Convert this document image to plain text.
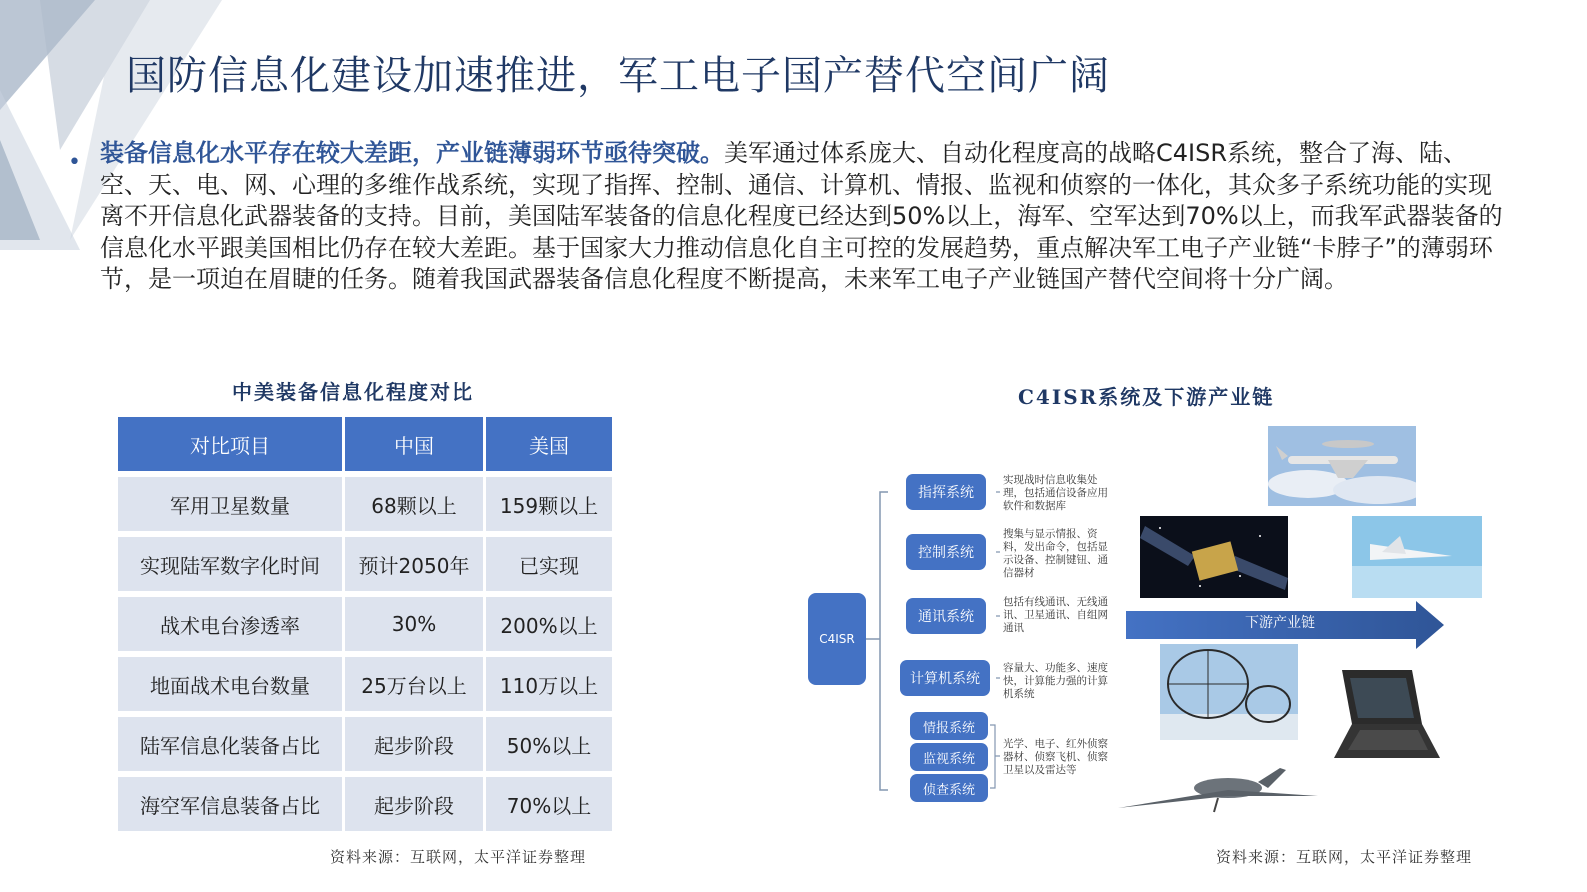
国防信息化建设加速推进，军工电子国产替代空间广阔
• 装备信息化水平存在较大差距，产业链薄弱环节亟待突破。美军通过体系庞大、自动化程度高的战略C4ISR系统，整合了海、陆、空、天、电、网、心理的多维作战系统，实现了指挥、控制、通信、计算机、情报、监视和侦察的一体化，其众多子系统功能的实现离不开信息化武器装备的支持。目前，美国陆军装备的信息化程度已经达到50%以上，海军、空军达到70%以上，而我军武器装备的信息化水平跟美国相比仍存在较大差距。基于国家大力推动信息化自主可控的发展趋势，重点解决军工电子产业链“卡脖子”的薄弱环节，是一项迫在眉睫的任务。随着我国武器装备信息化程度不断提高，未来军工电子产业链国产替代空间将十分广阔。
中美装备信息化程度对比
对比项目	中国	美国
军用卫星数量	68颗以上	159颗以上
实现陆军数字化时间	预计2050年	已实现
战术电台渗透率	30%	200%以上
地面战术电台数量	25万台以上	110万以上
陆军信息化装备占比	起步阶段	50%以上
海空军信息装备占比	起步阶段	70%以上
资料来源：互联网，太平洋证券整理
C4ISR系统及下游产业链
C4ISR
指挥系统
控制系统
通讯系统
计算机系统
情报系统
监视系统
侦查系统
实现战时信息收集处理，包括通信设备应用软件和数据库
搜集与显示情报、资料，发出命令，包括显示设备、控制键钮、通信器材
包括有线通讯、无线通讯、卫星通讯、自组网通讯
容量大、功能多、速度快，计算能力强的计算机系统
光学、电子、红外侦察器材、侦察飞机、侦察卫星以及雷达等
下游产业链
资料来源：互联网，太平洋证券整理
